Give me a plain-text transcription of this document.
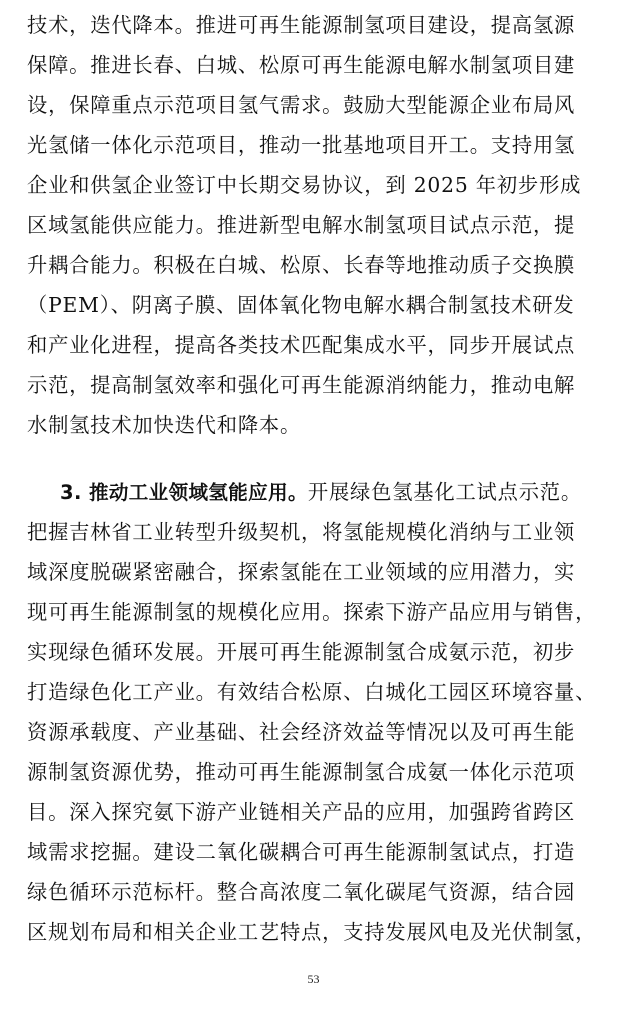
技术，迭代降本。推进可再生能源制氢项目建设，提高氢源
保障。推进长春、白城、松原可再生能源电解水制氢项目建
设，保障重点示范项目氢气需求。鼓励大型能源企业布局风
光氢储一体化示范项目，推动一批基地项目开工。支持用氢
企业和供氢企业签订中长期交易协议，到 2025 年初步形成
区域氢能供应能力。推进新型电解水制氢项目试点示范，提
升耦合能力。积极在白城、松原、长春等地推动质子交换膜
（PEM）、阴离子膜、固体氧化物电解水耦合制氢技术研发
和产业化进程，提高各类技术匹配集成水平，同步开展试点
示范，提高制氢效率和强化可再生能源消纳能力，推动电解
水制氢技术加快迭代和降本。
3. 推动工业领域氢能应用。开展绿色氢基化工试点示范。
把握吉林省工业转型升级契机，将氢能规模化消纳与工业领
域深度脱碳紧密融合，探索氢能在工业领域的应用潜力，实
现可再生能源制氢的规模化应用。探索下游产品应用与销售，
实现绿色循环发展。开展可再生能源制氢合成氨示范，初步
打造绿色化工产业。有效结合松原、白城化工园区环境容量、
资源承载度、产业基础、社会经济效益等情况以及可再生能
源制氢资源优势，推动可再生能源制氢合成氨一体化示范项
目。深入探究氨下游产业链相关产品的应用，加强跨省跨区
域需求挖掘。建设二氧化碳耦合可再生能源制氢试点，打造
绿色循环示范标杆。整合高浓度二氧化碳尾气资源，结合园
区规划布局和相关企业工艺特点，支持发展风电及光伏制氢，
53
